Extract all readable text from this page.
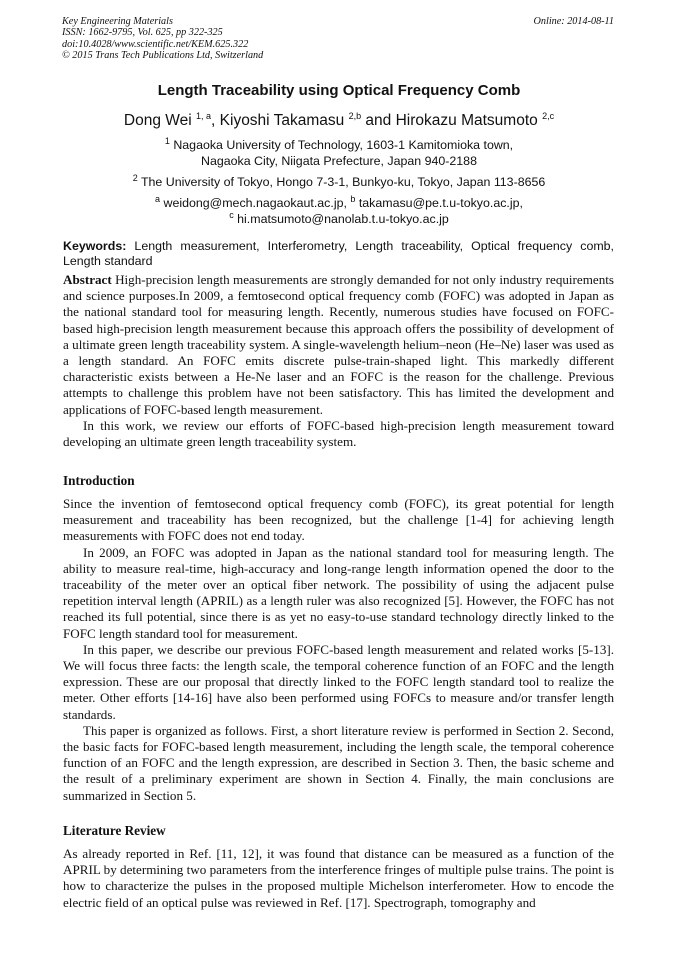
Key Engineering Materials
ISSN: 1662-9795, Vol. 625, pp 322-325
doi:10.4028/www.scientific.net/KEM.625.322
© 2015 Trans Tech Publications Ltd, Switzerland
Online: 2014-08-11
Length Traceability using Optical Frequency Comb
Dong Wei $^{1, a}$, Kiyoshi Takamasu $^{2,b}$ and Hirokazu Matsumoto $^{2,c}$
$^1$ Nagaoka University of Technology, 1603-1 Kamitomioka town,
Nagaoka City, Niigata Prefecture, Japan 940-2188
$^2$ The University of Tokyo, Hongo 7-3-1, Bunkyo-ku, Tokyo, Japan 113-8656
$^a$ weidong@mech.nagaokaut.ac.jp, $^b$ takamasu@pe.t.u-tokyo.ac.jp,
$^c$ hi.matsumoto@nanolab.t.u-tokyo.ac.jp
Keywords: Length measurement, Interferometry, Length traceability, Optical frequency comb, Length standard

Abstract High-precision length measurements are strongly demanded for not only industry requirements and science purposes.In 2009, a femtosecond optical frequency comb (FOFC) was adopted in Japan as the national standard tool for measuring length. Recently, numerous studies have focused on FOFC-based high-precision length measurement because this approach offers the possibility of development of a ultimate green length traceability system. A single-wavelength helium–neon (He–Ne) laser was used as a length standard. An FOFC emits discrete pulse-train-shaped light. This markedly different characteristic exists between a He-Ne laser and an FOFC is the reason for the challenge. Previous attempts to challenge this problem have not been satisfactory. This has limited the development and applications of FOFC-based length measurement.

In this work, we review our efforts of FOFC-based high-precision length measurement toward developing an ultimate green length traceability system.

Introduction

Since the invention of femtosecond optical frequency comb (FOFC), its great potential for length measurement and traceability has been recognized, but the challenge [1-4] for achieving length measurements with FOFC does not end today.

In 2009, an FOFC was adopted in Japan as the national standard tool for measuring length. The ability to measure real-time, high-accuracy and long-range length information opened the door to the traceability of the meter over an optical fiber network. The possibility of using the adjacent pulse repetition interval length (APRIL) as a length ruler was also recognized [5]. However, the FOFC has not reached its full potential, since there is as yet no easy-to-use standard technology directly linked to the FOFC length standard tool for measurement.

In this paper, we describe our previous FOFC-based length measurement and related works [5-13]. We will focus three facts: the length scale, the temporal coherence function of an FOFC and the length expression. These are our proposal that directly linked to the FOFC length standard tool to realize the meter. Other efforts [14-16] have also been performed using FOFCs to measure and/or transfer length standards.

This paper is organized as follows. First, a short literature review is performed in Section 2. Second, the basic facts for FOFC-based length measurement, including the length scale, the temporal coherence function of an FOFC and the length expression, are described in Section 3. Then, the basic scheme and the result of a preliminary experiment are shown in Section 4. Finally, the main conclusions are summarized in Section 5.

Literature Review

As already reported in Ref. [11, 12], it was found that distance can be measured as a function of the APRIL by determining two parameters from the interference fringes of multiple pulse trains. The point is how to characterize the pulses in the proposed multiple Michelson interferometer. How to encode the electric field of an optical pulse was reviewed in Ref. [17]. Spectrograph, tomography and
